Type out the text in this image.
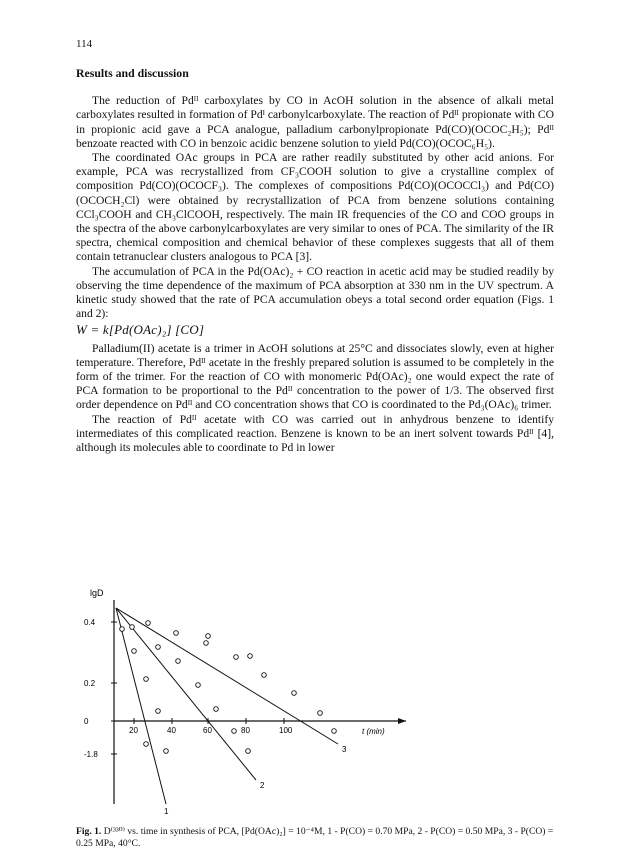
114
Results and discussion

The reduction of Pdᴵᴵ carboxylates by CO in AcOH solution in the absence of alkali metal carboxylates resulted in formation of Pdᴵ carbonylcarboxylate. The reaction of Pdᴵᴵ propionate with CO in propionic acid gave a PCA analogue, palladium carbonylpropionate Pd(CO)(OCOC₂H₅); Pdᴵᴵ benzoate reacted with CO in benzoic acidic benzene solution to yield Pd(CO)(OCOC₆H₅).

The coordinated OAc groups in PCA are rather readily substituted by other acid anions. For example, PCA was recrystallized from CF₃COOH solution to give a crystalline complex of composition Pd(CO)(OCOCF₃). The complexes of compositions Pd(CO)(OCOCCl₃) and Pd(CO)(OCOCH₂Cl) were obtained by recrystallization of PCA from benzene solutions containing CCl₃COOH and CH₃ClCOOH, respectively. The main IR frequencies of the CO and COO groups in the spectra of the above carbonylcarboxylates are very similar to ones of PCA. The similarity of the IR spectra, chemical composition and chemical behavior of these complexes suggests that all of them contain tetranuclear clusters analogous to PCA [3].

The accumulation of PCA in the Pd(OAc)₂ + CO reaction in acetic acid may be studied readily by observing the time dependence of the maximum of PCA absorption at 330 nm in the UV spectrum. A kinetic study showed that the rate of PCA accumulation obeys a total second order equation (Figs. 1 and 2):

W = k[Pd(OAc)₂] [CO]

Palladium(II) acetate is a trimer in AcOH solutions at 25°C and dissociates slowly, even at higher temperature. Therefore, Pdᴵᴵ acetate in the freshly prepared solution is assumed to be completely in the form of the trimer. For the reaction of CO with monomeric Pd(OAc)₂ one would expect the rate of PCA formation to be proportional to the Pdᴵᴵ concentration to the power of 1/3. The observed first order dependence on Pdᴵᴵ and CO concentration shows that CO is coordinated to the Pd₃(OAc)₆ trimer.

The reaction of Pdᴵᴵ acetate with CO was carried out in anhydrous benzene to identify intermediates of this complicated reaction. Benzene is known to be an inert solvent towards Pdᴵᴵ [4], although its molecules able to coordinate to Pd in lower

lgD
t (min)
0.4
0.2
0
-1.8
20	40	60	80	100
1
2
3
Fig. 1. D⁽³³⁰⁾ vs. time in synthesis of PCA, [Pd(OAc)₂] = 10⁻⁴M, 1 - P(CO) = 0.70 MPa, 2 - P(CO) = 0.50 MPa, 3 - P(CO) = 0.25 MPa, 40°C.
